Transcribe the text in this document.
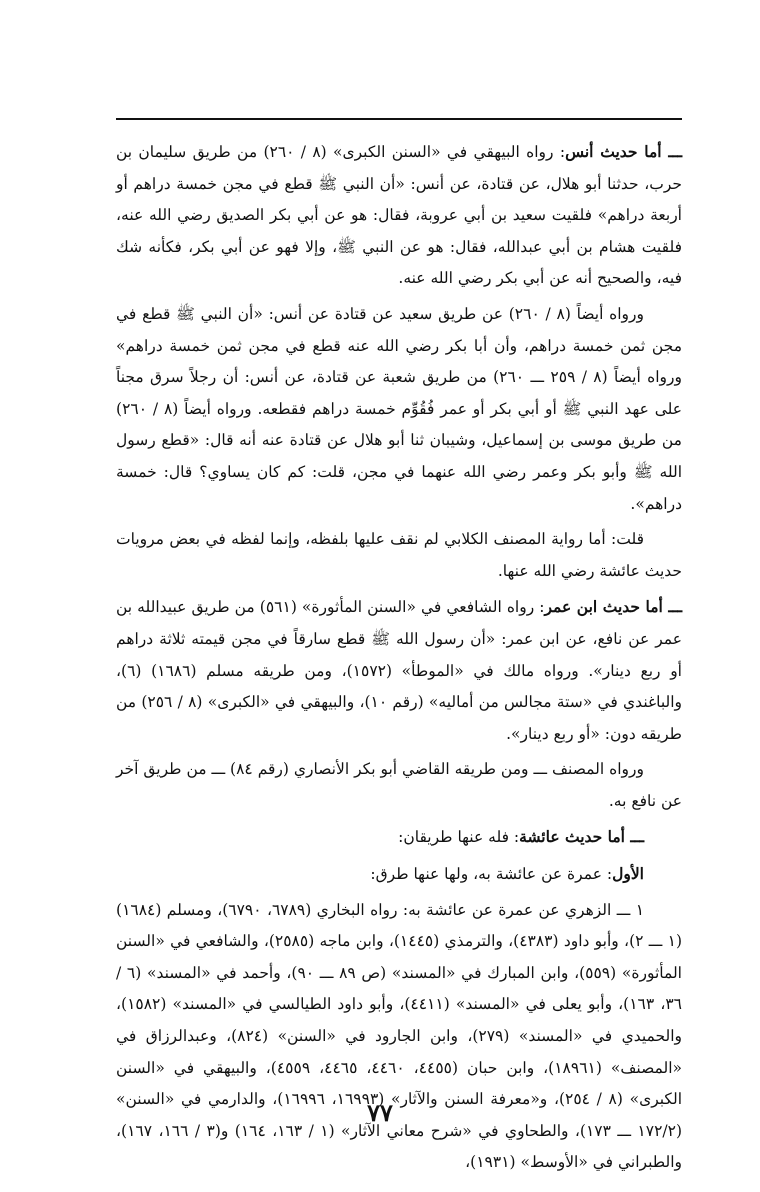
ـــ أما حديث أنس: رواه البيهقي في «السنن الكبرى» (٨ / ٢٦٠) من طريق سليمان بن حرب، حدثنا أبو هلال، عن قتادة، عن أنس: «أن النبي ﷺ قطع في مجن خمسة دراهم أو أربعة دراهم» فلقيت سعيد بن أبي عروبة، فقال: هو عن أبي بكر الصديق رضي الله عنه، فلقيت هشام بن أبي عبدالله، فقال: هو عن النبي ﷺ، وإلا فهو عن أبي بكر، فكأنه شك فيه، والصحيح أنه عن أبي بكر رضي الله عنه.

ورواه أيضاً (٨ / ٢٦٠) عن طريق سعيد عن قتادة عن أنس: «أن النبي ﷺ قطع في مجن ثمن خمسة دراهم، وأن أبا بكر رضي الله عنه قطع في مجن ثمن خمسة دراهم» ورواه أيضاً (٨ / ٢٥٩ ـــ ٢٦٠) من طريق شعبة عن قتادة، عن أنس: أن رجلاً سرق مجناً على عهد النبي ﷺ أو أبي بكر أو عمر فُقُوِّم خمسة دراهم فقطعه. ورواه أيضاً (٨ / ٢٦٠) من طريق موسى بن إسماعيل، وشيبان ثنا أبو هلال عن قتادة عنه أنه قال: «قطع رسول الله ﷺ وأبو بكر وعمر رضي الله عنهما في مجن، قلت: كم كان يساوي؟ قال: خمسة دراهم».

قلت: أما رواية المصنف الكلابي لم نقف عليها بلفظه، وإنما لفظه في بعض مرويات حديث عائشة رضي الله عنها.

ـــ أما حديث ابن عمر: رواه الشافعي في «السنن المأثورة» (٥٦١) من طريق عبيدالله بن عمر عن نافع، عن ابن عمر: «أن رسول الله ﷺ قطع سارقاً في مجن قيمته ثلاثة دراهم أو ربع دينار». ورواه مالك في «الموطأ» (١٥٧٢)، ومن طريقه مسلم (١٦٨٦) (٦)، والباغندي في «ستة مجالس من أماليه» (رقم ١٠)، والبيهقي في «الكبرى» (٨ / ٢٥٦) من طريقه دون: «أو ربع دينار».

ورواه المصنف ـــ ومن طريقه القاضي أبو بكر الأنصاري (رقم ٨٤) ـــ من طريق آخر عن نافع به.

ـــ أما حديث عائشة: فله عنها طريقان:

الأول: عمرة عن عائشة به، ولها عنها طرق:

١ ـــ الزهري عن عمرة عن عائشة به: رواه البخاري (٦٧٨٩، ٦٧٩٠)، ومسلم (١٦٨٤) (١ ـــ ٢)، وأبو داود (٤٣٨٣)، والترمذي (١٤٤٥)، وابن ماجه (٢٥٨٥)، والشافعي في «السنن المأثورة» (٥٥٩)، وابن المبارك في «المسند» (ص ٨٩ ـــ ٩٠)، وأحمد في «المسند» (٦ / ٣٦، ١٦٣)، وأبو يعلى في «المسند» (٤٤١١)، وأبو داود الطيالسي في «المسند» (١٥٨٢)، والحميدي في «المسند» (٢٧٩)، وابن الجارود في «السنن» (٨٢٤)، وعبدالرزاق في «المصنف» (١٨٩٦١)، وابن حبان (٤٤٥٥، ٤٤٦٠، ٤٤٦٥، ٤٥٥٩)، والبيهقي في «السنن الكبرى» (٨ / ٢٥٤)، و«معرفة السنن والآثار» (١٦٩٩٣، ١٦٩٩٦)، والدارمي في «السنن» (١٧٢/٢ ـــ ١٧٣)، والطحاوي في «شرح معاني الآثار» (١ / ١٦٣، ١٦٤) و(٣ / ١٦٦، ١٦٧)، والطبراني في «الأوسط» (١٩٣١)،

٧٧
